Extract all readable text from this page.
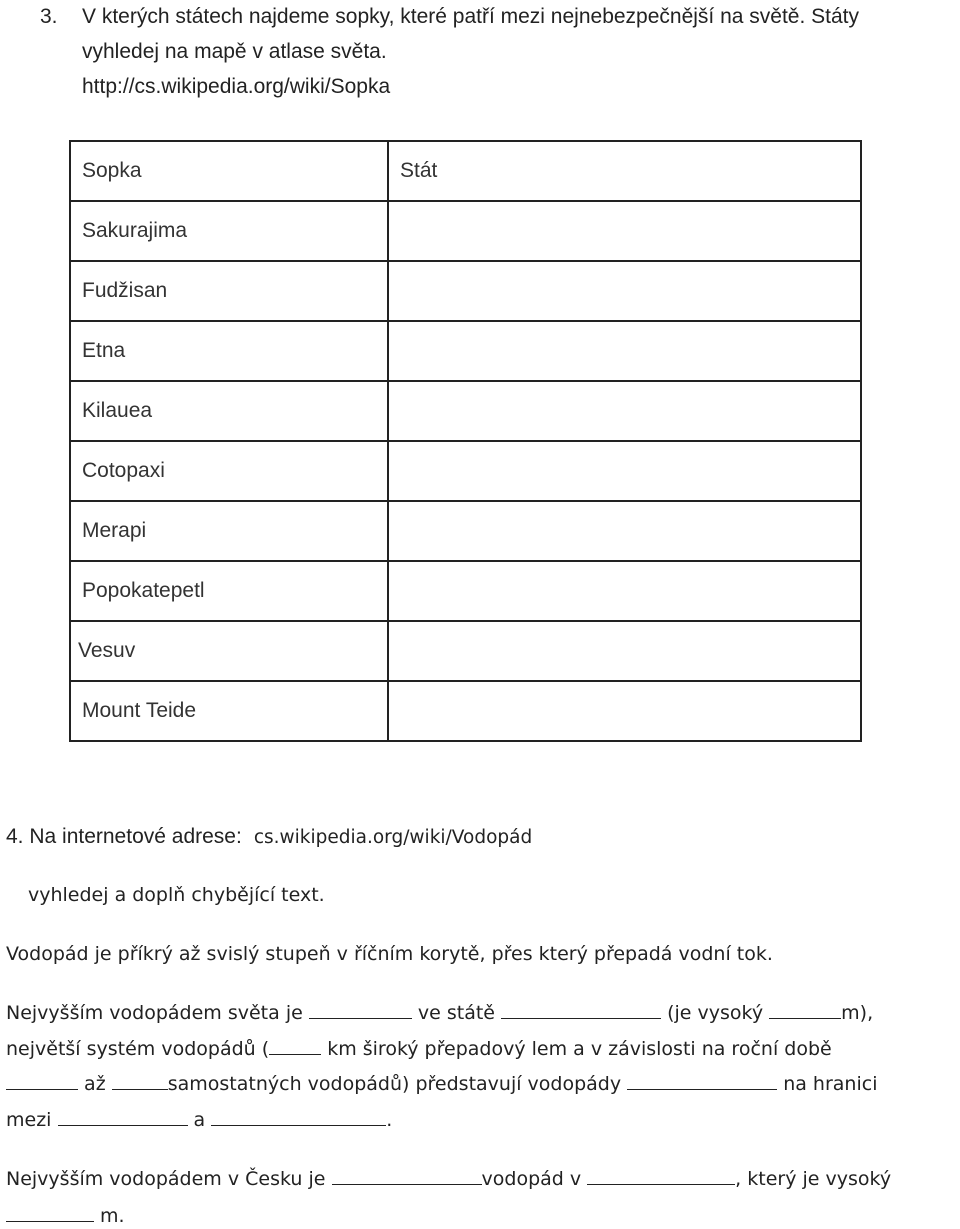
3. V kterých státech najdeme sopky, které patří mezi nejnebezpečnější na světě. Státy
vyhledej na mapě v atlase světa.
http://cs.wikipedia.org/wiki/Sopka
Sopka	Stát
Sakurajima	
Fudžisan	
Etna	
Kilauea	
Cotopaxi	
Merapi	
Popokatepetl	
Vesuv	
Mount Teide	
4. Na internetové adrese: cs.wikipedia.org/wiki/Vodopád
vyhledej a doplň chybějící text.
Vodopád je příkrý až svislý stupeň v říčním korytě, přes který přepadá vodní tok.
Nejvyšším vodopádem světa je	ve státě	(je vysoký	m),
největší systém vodopádů (	km široký přepadový lem a v závislosti na roční době
až	samostatných vodopádů) představují vodopády	na hranici
mezi	a	.
Nejvyšším vodopádem v Česku je	vodopád v	, který je vysoký
m.
